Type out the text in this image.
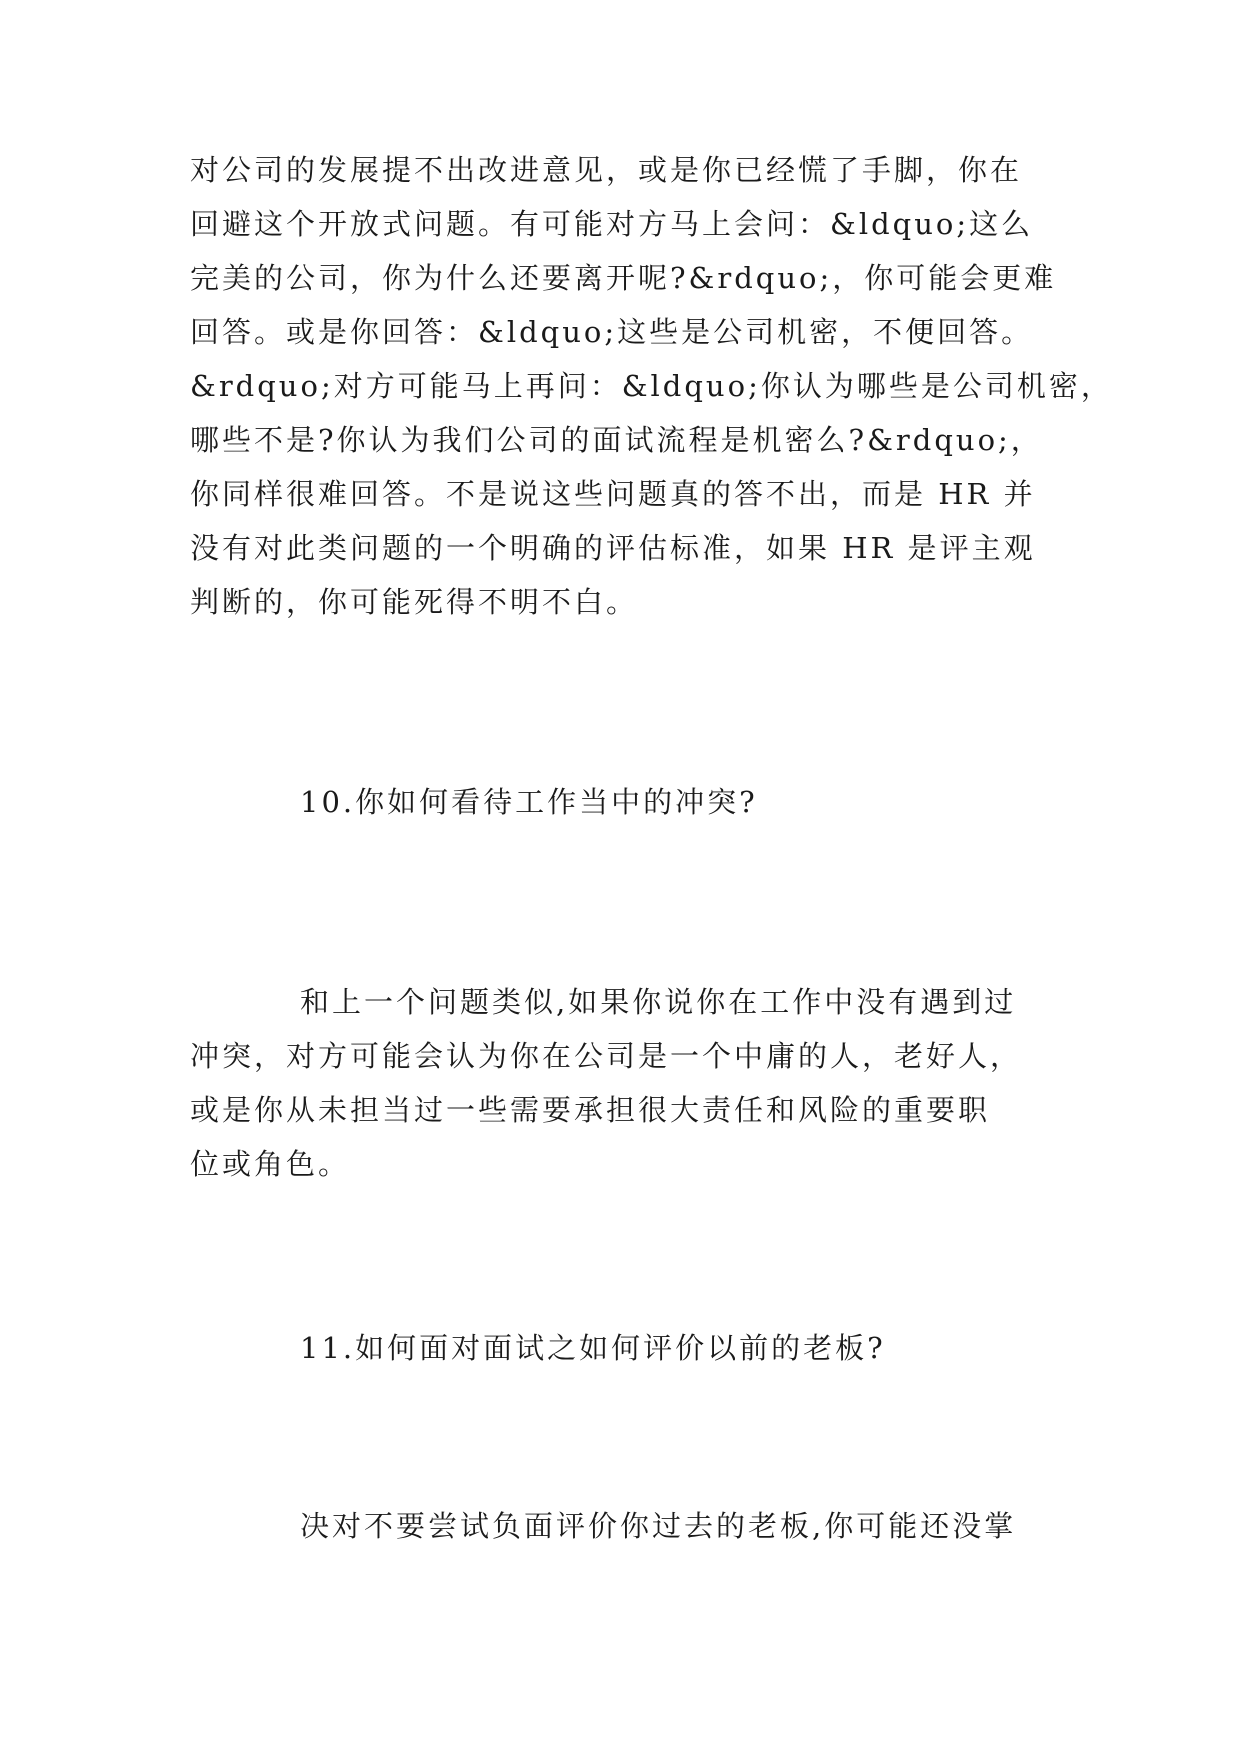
对公司的发展提不出改进意见，或是你已经慌了手脚，你在
回避这个开放式问题。有可能对方马上会问：&ldquo;这么
完美的公司，你为什么还要离开呢?&rdquo;，你可能会更难
回答。或是你回答：&ldquo;这些是公司机密，不便回答。
&rdquo;对方可能马上再问：&ldquo;你认为哪些是公司机密，
哪些不是?你认为我们公司的面试流程是机密么?&rdquo;，
你同样很难回答。不是说这些问题真的答不出，而是 HR 并
没有对此类问题的一个明确的评估标准，如果 HR 是评主观
判断的，你可能死得不明不白。
10.你如何看待工作当中的冲突?
和上一个问题类似,如果你说你在工作中没有遇到过
冲突，对方可能会认为你在公司是一个中庸的人，老好人，
或是你从未担当过一些需要承担很大责任和风险的重要职
位或角色。
11.如何面对面试之如何评价以前的老板?
决对不要尝试负面评价你过去的老板,你可能还没掌
